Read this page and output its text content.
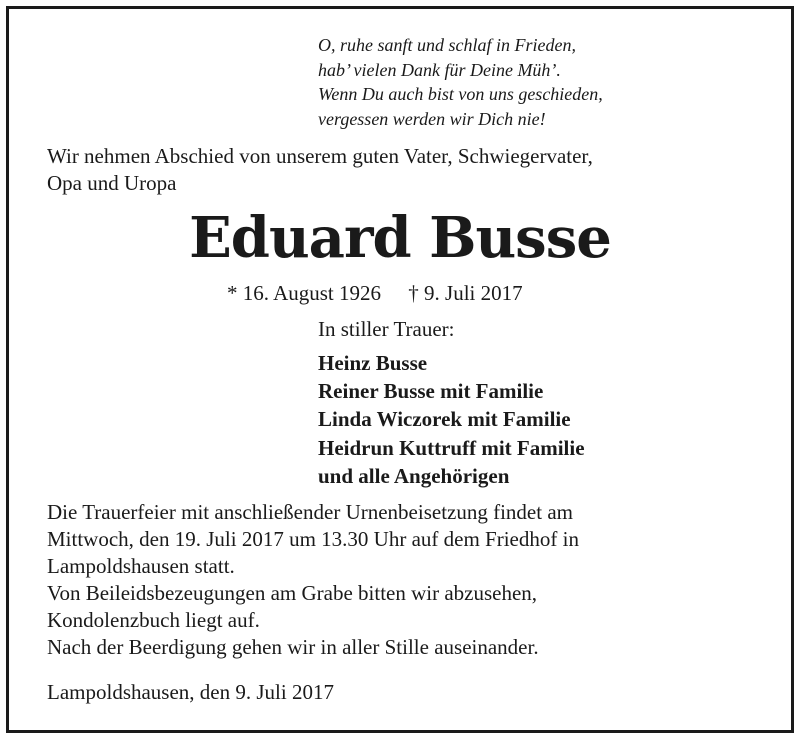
O, ruhe sanft und schlaf in Frieden,
hab’ vielen Dank für Deine Müh’.
Wenn Du auch bist von uns geschieden,
vergessen werden wir Dich nie!
Wir nehmen Abschied von unserem guten Vater, Schwiegervater,
Opa und Uropa
Eduard Busse
* 16. August 1926 † 9. Juli 2017
In stiller Trauer:
Heinz Busse
Reiner Busse mit Familie
Linda Wiczorek mit Familie
Heidrun Kuttruff mit Familie
und alle Angehörigen
Die Trauerfeier mit anschließender Urnenbeisetzung findet am
Mittwoch, den 19. Juli 2017 um 13.30 Uhr auf dem Friedhof in
Lampoldshausen statt.
Von Beileidsbezeugungen am Grabe bitten wir abzusehen,
Kondolenzbuch liegt auf.
Nach der Beerdigung gehen wir in aller Stille auseinander.
Lampoldshausen, den 9. Juli 2017
